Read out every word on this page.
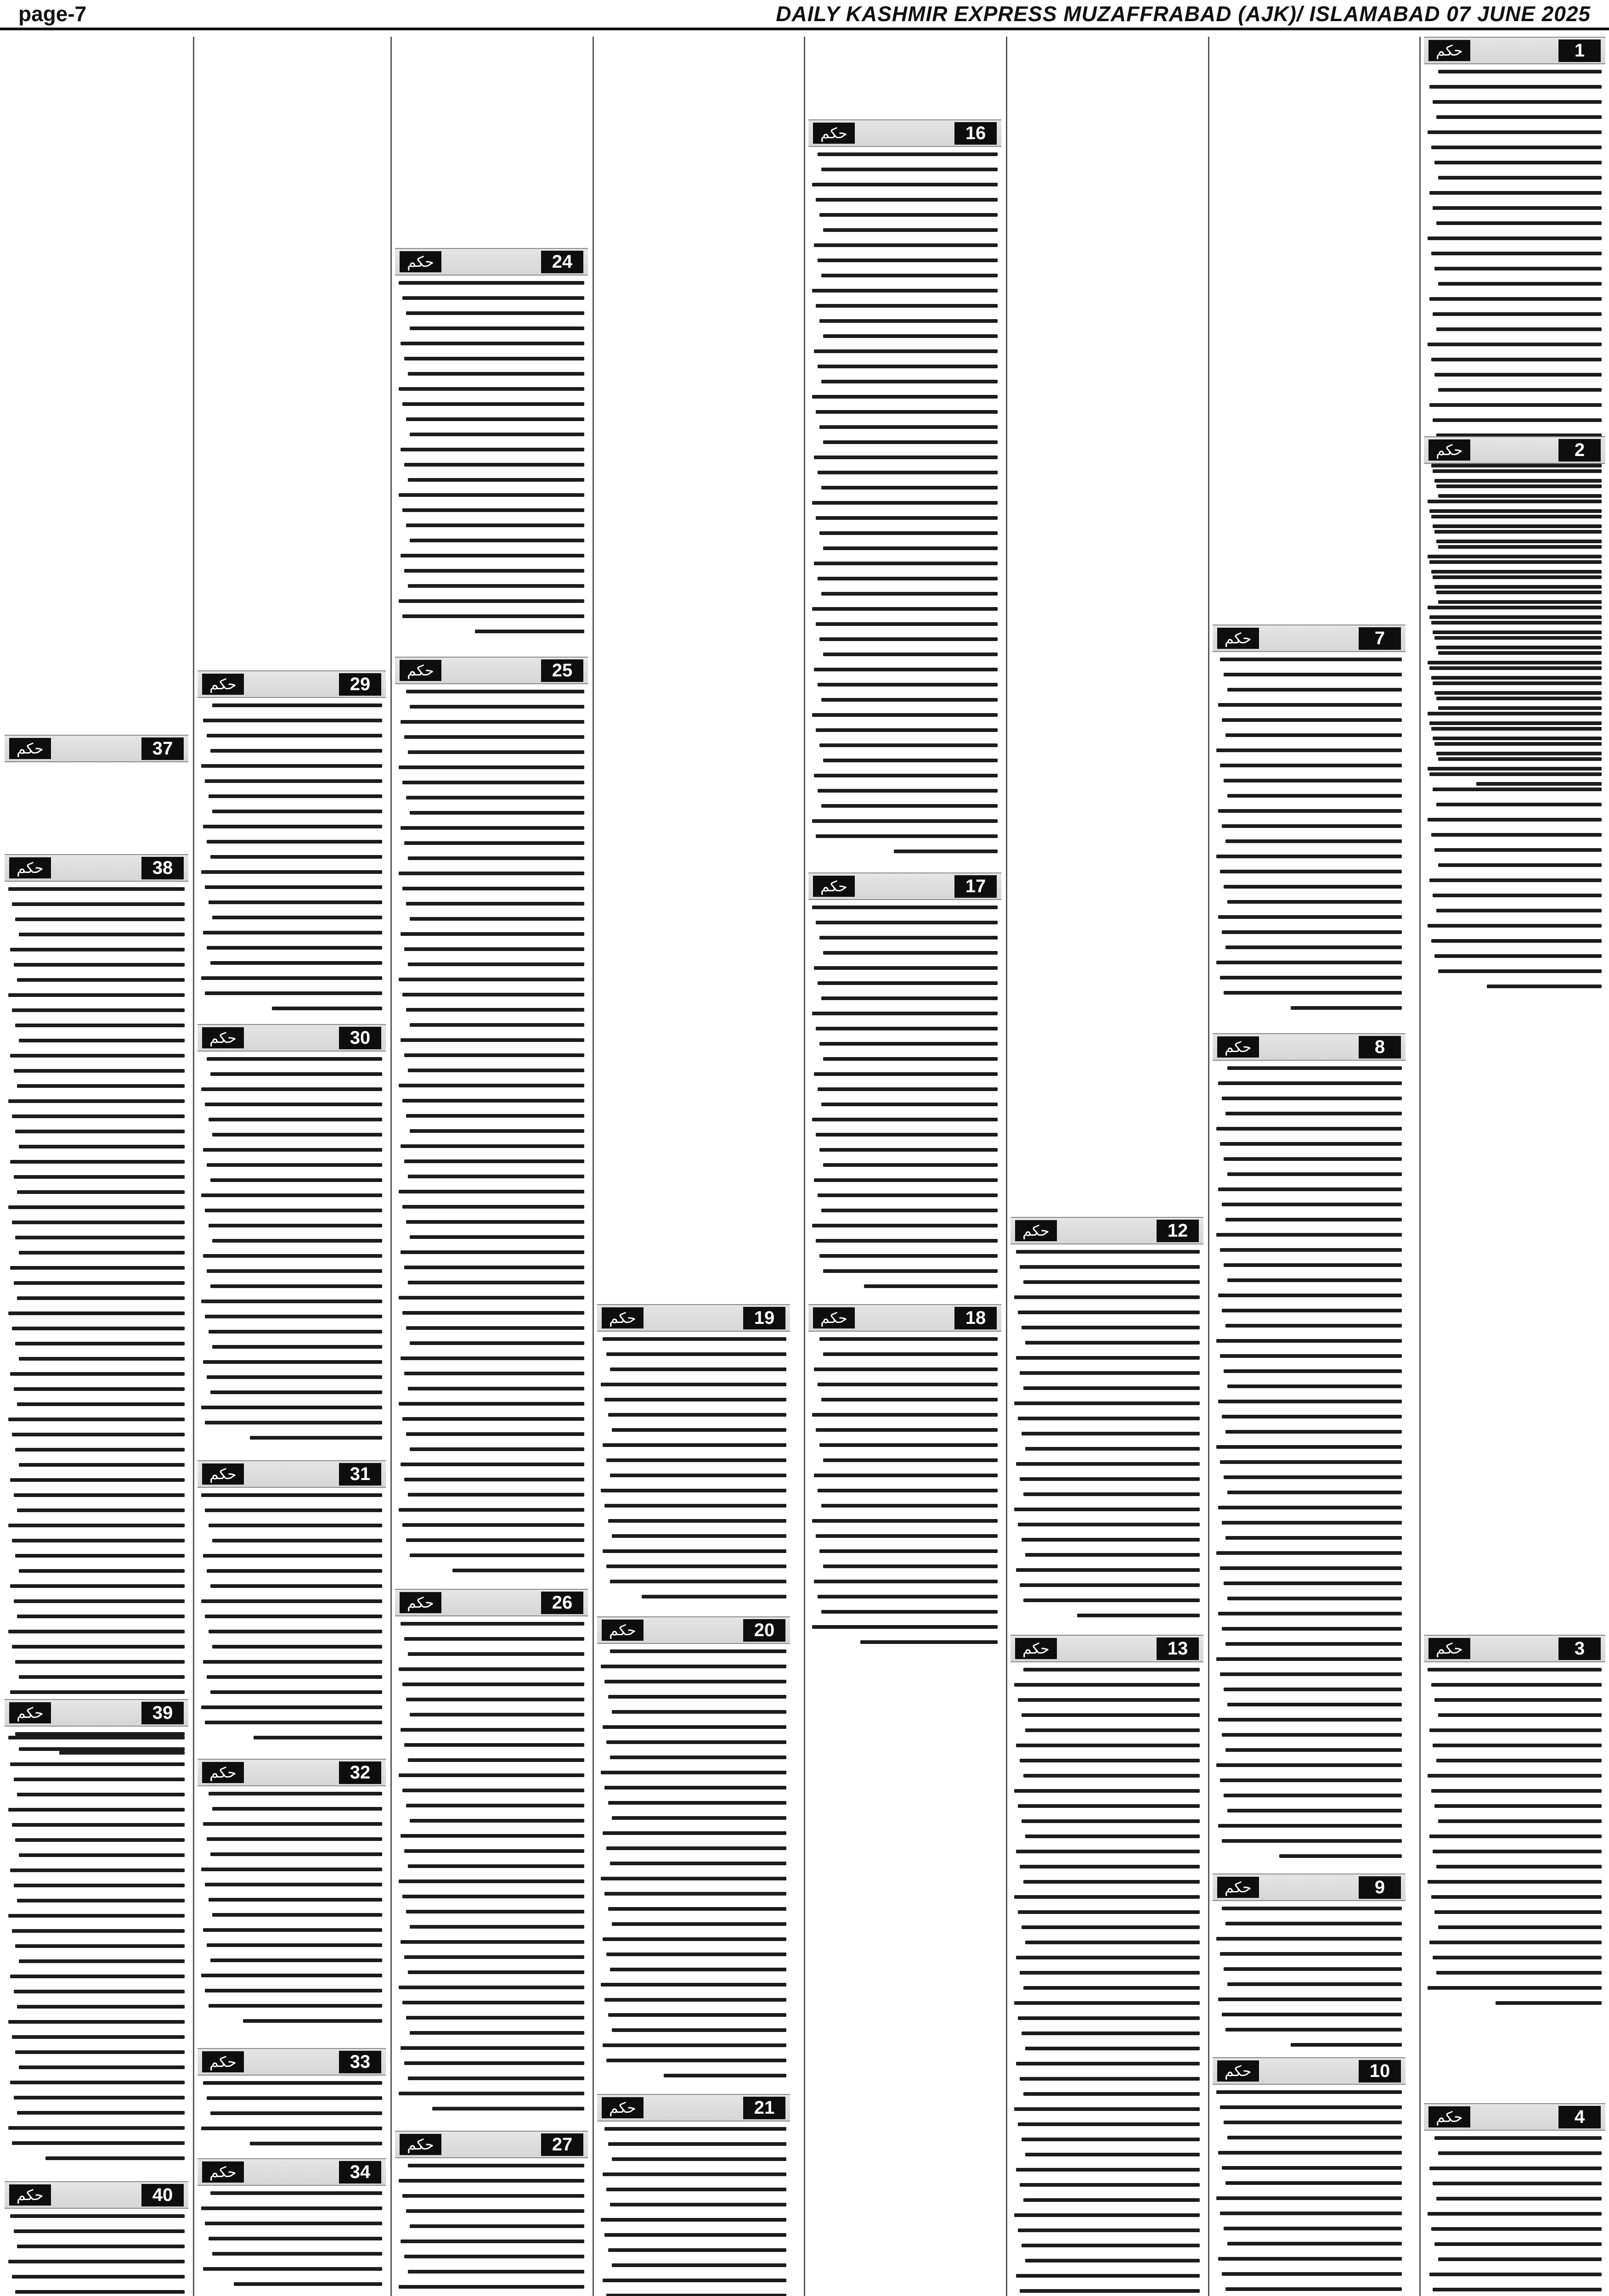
page-7	DAILY KASHMIR EXPRESS MUZAFFRABAD (AJK)/ ISLAMABAD 07 JUNE 2025
حکم	1
حکم	2
حکم	3
حکم	4
حکم	7
حکم	8
حکم	9
حکم	10
حکم	12
حکم	13
حکم	16
حکم	17
حکم	18
حکم	19
حکم	20
حکم	21
حکم	24
حکم	25
حکم	26
حکم	27
حکم	29
حکم	30
حکم	31
حکم	32
حکم	33
حکم	34
حکم	37
حکم	38
حکم	39
حکم	40
